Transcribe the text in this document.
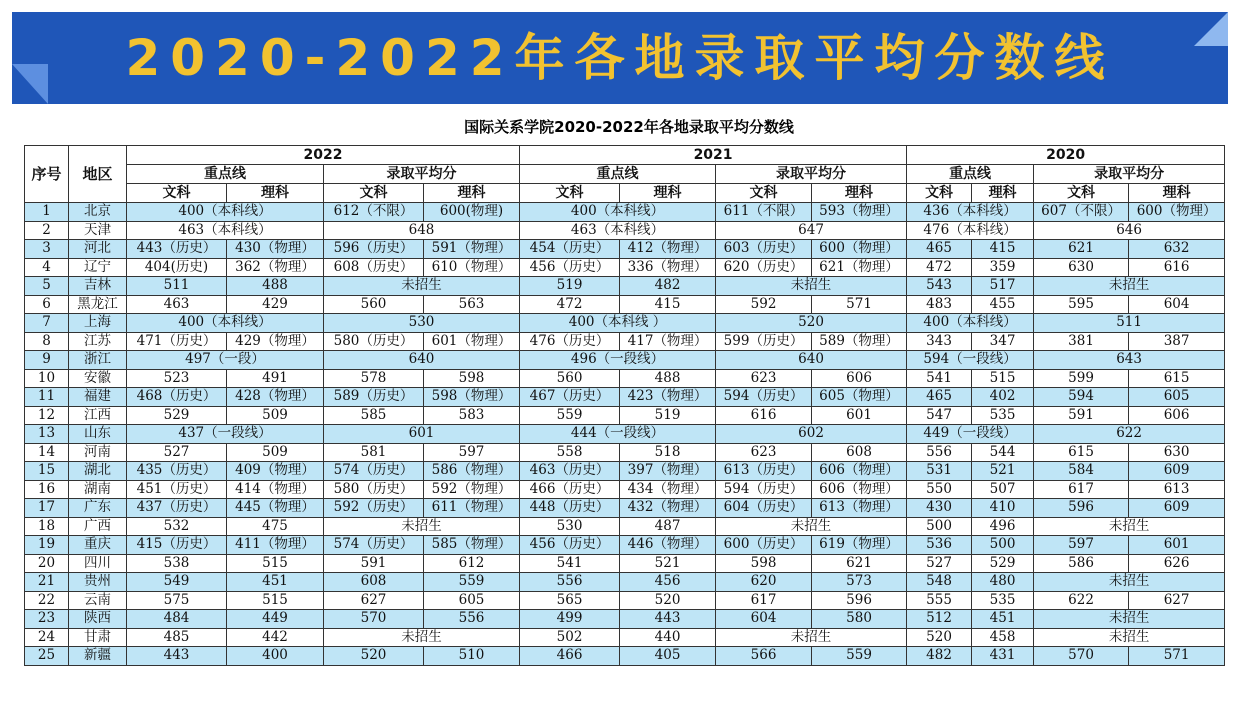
2020-2022年各地录取平均分数线
国际关系学院2020-2022年各地录取平均分数线
序号	地区	2022				2021				2020			
		重点线		录取平均分		重点线		录取平均分		重点线		录取平均分	
		文科	理科	文科	理科	文科	理科	文科	理科	文科	理科	文科	理科
1	北京	400（本科线）		612（不限）	600(物理)	400（本科线）		611（不限）	593（物理）	436（本科线）		607（不限）	600（物理）
2	天津	463（本科线）		648		463（本科线）		647		476（本科线）		646	
3	河北	443（历史）	430（物理）	596（历史）	591（物理）	454（历史）	412（物理）	603（历史）	600（物理）	465	415	621	632
4	辽宁	404(历史)	362（物理）	608（历史）	610（物理）	456（历史）	336（物理）	620（历史）	621（物理）	472	359	630	616
5	吉林	511	488	未招生		519	482	未招生		543	517	未招生	
6	黑龙江	463	429	560	563	472	415	592	571	483	455	595	604
7	上海	400（本科线）		530		400（本科线 ）		520		400（本科线）		511	
8	江苏	471（历史）	429（物理）	580（历史）	601（物理）	476（历史）	417（物理）	599（历史）	589（物理）	343	347	381	387
9	浙江	497（一段）		640		496（一段线）		640		594（一段线）		643	
10	安徽	523	491	578	598	560	488	623	606	541	515	599	615
11	福建	468（历史）	428（物理）	589（历史）	598（物理）	467（历史）	423（物理）	594（历史）	605（物理）	465	402	594	605
12	江西	529	509	585	583	559	519	616	601	547	535	591	606
13	山东	437（一段线）		601		444（一段线）		602		449（一段线）		622	
14	河南	527	509	581	597	558	518	623	608	556	544	615	630
15	湖北	435（历史）	409（物理）	574（历史）	586（物理）	463（历史）	397（物理）	613（历史）	606（物理）	531	521	584	609
16	湖南	451（历史）	414（物理）	580（历史）	592（物理）	466（历史）	434（物理）	594（历史）	606（物理）	550	507	617	613
17	广东	437（历史）	445（物理）	592（历史）	611（物理）	448（历史）	432（物理）	604（历史）	613（物理）	430	410	596	609
18	广西	532	475	未招生		530	487	未招生		500	496	未招生	
19	重庆	415（历史）	411（物理）	574（历史）	585（物理）	456（历史）	446（物理）	600（历史）	619（物理）	536	500	597	601
20	四川	538	515	591	612	541	521	598	621	527	529	586	626
21	贵州	549	451	608	559	556	456	620	573	548	480	未招生	
22	云南	575	515	627	605	565	520	617	596	555	535	622	627
23	陕西	484	449	570	556	499	443	604	580	512	451	未招生	
24	甘肃	485	442	未招生		502	440	未招生		520	458	未招生	
25	新疆	443	400	520	510	466	405	566	559	482	431	570	571
